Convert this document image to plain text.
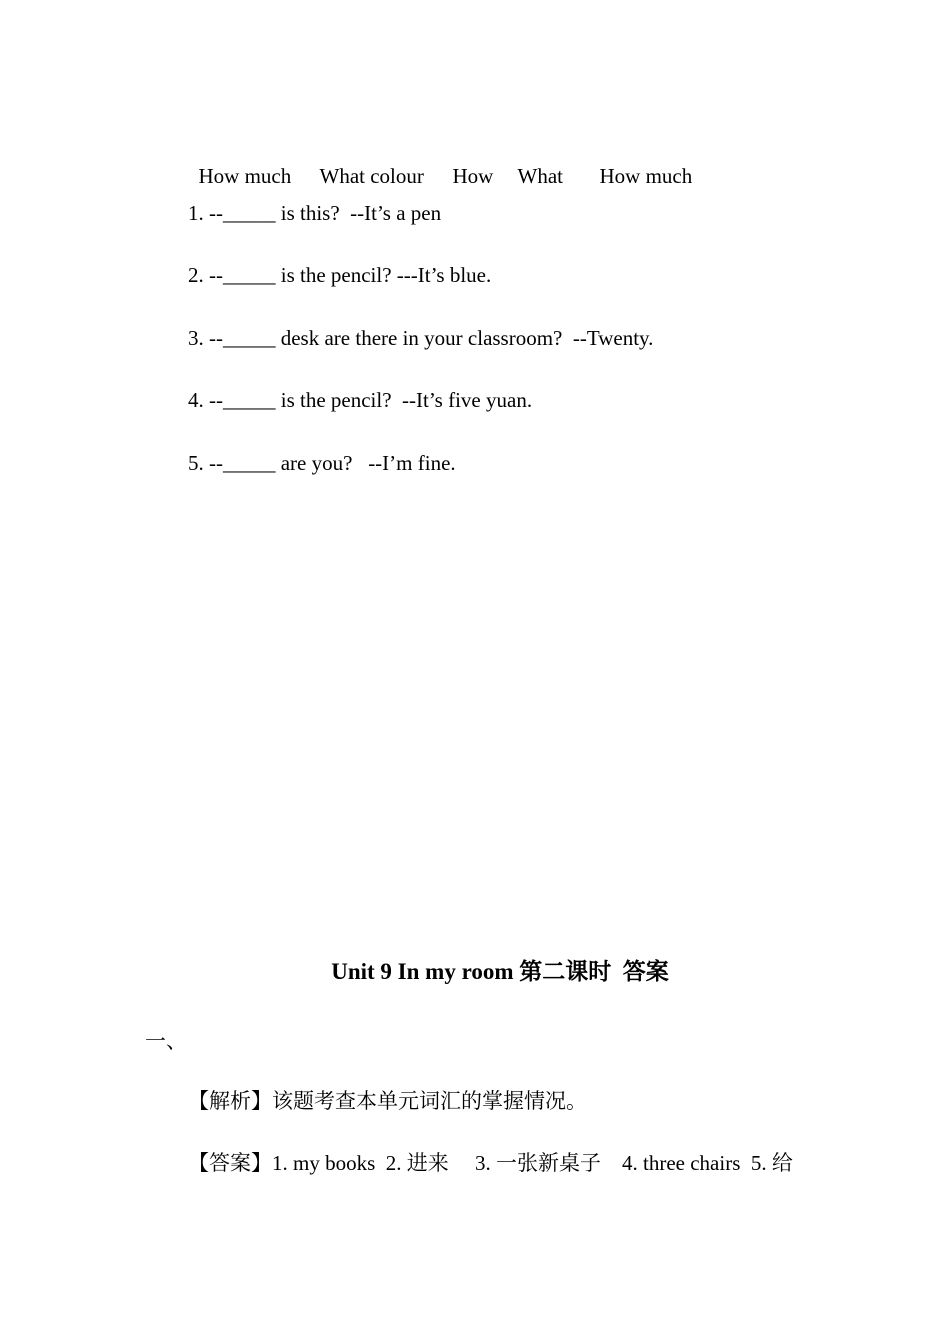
How much What colour How What How much

1. --_____ is this?  --It’s a pen
2. --_____ is the pencil? ---It’s blue.
3. --_____ desk are there in your classroom?  --Twenty.
4. --_____ is the pencil?  --It’s five yuan.
5. --_____ are you?   --I’m fine.
Unit 9 In my room 第二课时  答案
一、
【解析】该题考查本单元词汇的掌握情况。
【答案】1. my books  2. 进来     3. 一张新桌子    4. three chairs  5. 给
